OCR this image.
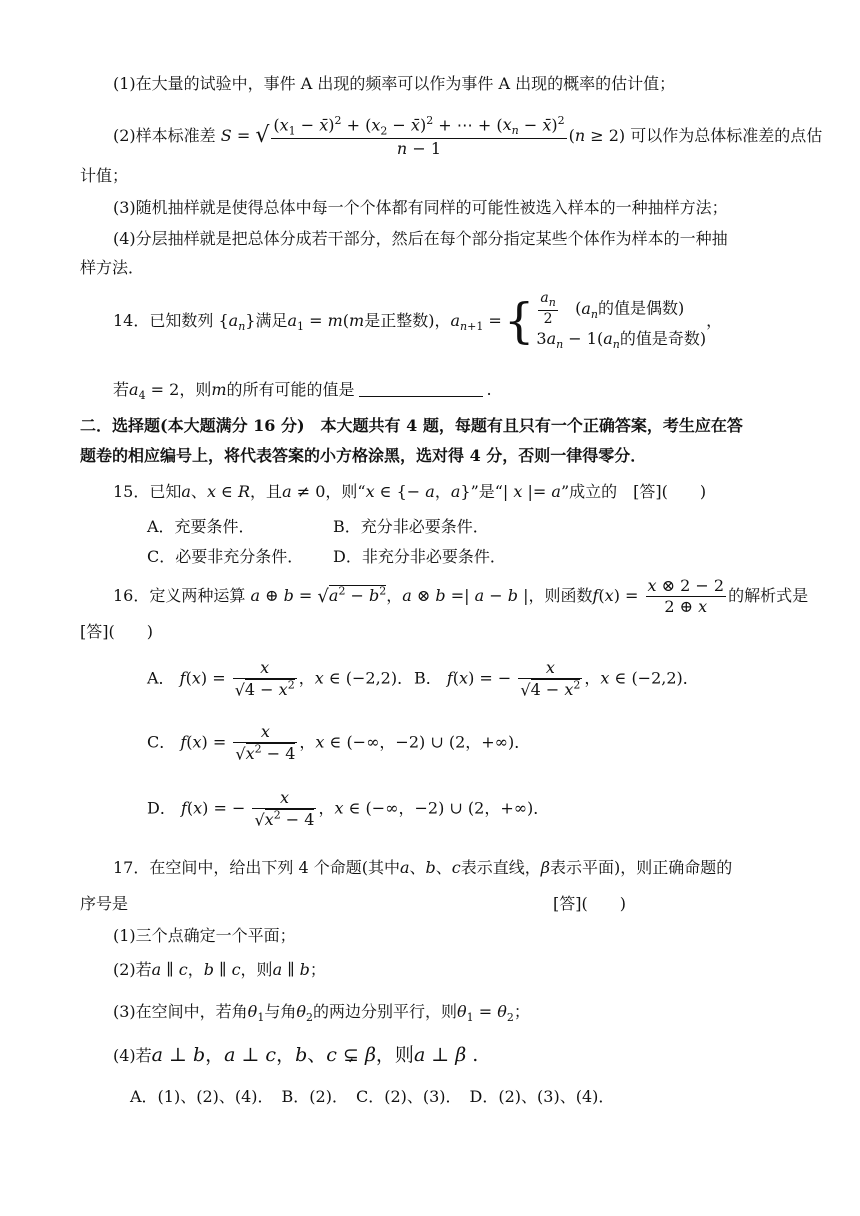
(1)在大量的试验中，事件 A 出现的频率可以作为事件 A 出现的概率的估计值；
(2)样本标准差 S = √ $\frac{(x_1 - x̄)^2 + (x_2 - x̄)^2 + \cdots + (x_n - x̄)^2}{n - 1} (n \ge 2)$ 可以作为总体标准差的点估
计值；
(3)随机抽样就是使得总体中每一个个体都有同样的可能性被选入样本的一种抽样方法；
(4)分层抽样就是把总体分成若干部分，然后在每个部分指定某些个体作为样本的一种抽
样方法．
14．已知数列 $\{a_n\}$满足$a_1 = m(m$是正整数)，$a_{n+1}$ ={ $\frac{a_n}{2} (a_n$的值是偶数)
$3a_n - 1(a_n$的值是奇数)
，
若$a_4 = 2$，则m的所有可能的值是	.
二．选择题(本大题满分 16 分)　本大题共有 4 题，每题有且只有一个正确答案，考生应在答
题卷的相应编号上，将代表答案的小方格涂黑，选对得 4 分，否则一律得零分．
15．已知a、x ∈ R，且a ≠ 0，则“x ∈ {− a，a}”是“| x |= a”成立的　[答](　　)
A．充要条件．	B．充分非必要条件．
C．必要非充分条件． D．非充分非必要条件．
16．定义两种运算 a ⊕ $b = √a^2 - b^2$，a ⊗ b =| a − b |，则函数$f(x) = \frac{x \otimes 2 - 2}{2 \oplus x}$ 的解析式是
[答](　　)
A． $f(x) = \frac{x}{√4 - x^2}$ ，x ∈ (−2,2)． B． f(x) = − $\frac{x}{√4 - x^2}$ ，x ∈ (−2,2)．
C． $f(x) = \frac{x}{√x^2 - 4}$ ，x ∈ (−∞，−2) ∪ (2，+∞)．
D． f(x) = − $\frac{x}{√x^2 - 4}$ ，x ∈ (−∞，−2) ∪ (2，+∞)．
17．在空间中，给出下列 4 个命题(其中a、b、c表示直线，β表示平面)，则正确命题的
序号是	[答](　　)
(1)三个点确定一个平面；
(2)若a ∥ c，b ∥ c，则a ∥ b；
(3)在空间中，若角$\theta_1$与角$\theta_2$的两边分别平行，则$\theta_1 = \theta_2$；
(4)若a ⊥ b，a ⊥ c，b、c ⊊ β，则a ⊥ β .
A．(1)、(2)、(4)．　B．(2)．　C．(2)、(3)．　D．(2)、(3)、(4)．
